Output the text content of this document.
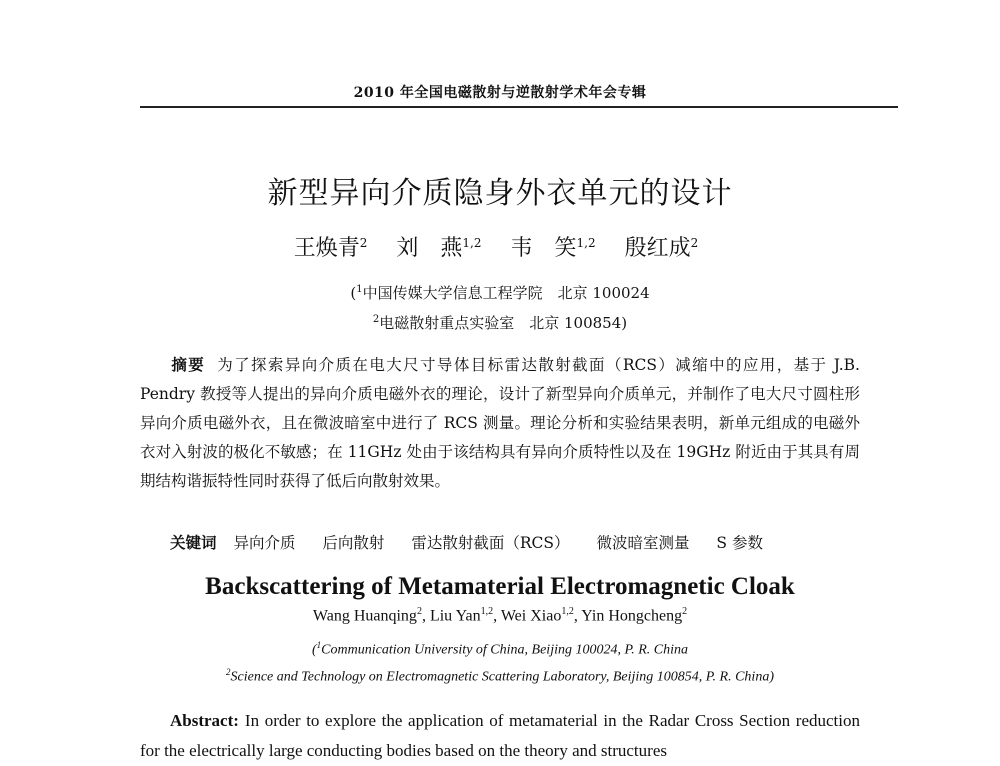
2010 年全国电磁散射与逆散射学术年会专辑
新型异向介质隐身外衣单元的设计
王焕青$^2$ 刘　燕$^{1,2}$ 韦　笑$^{1,2}$ 殷红成$^2$
($^1$中国传媒大学信息工程学院　北京 100024
$^2$电磁散射重点实验室　北京 100854)
摘要 为了探索异向介质在电大尺寸导体目标雷达散射截面（RCS）减缩中的应用，基于 J.B. Pendry 教授等人提出的异向介质电磁外衣的理论，设计了新型异向介质单元，并制作了电大尺寸圆柱形异向介质电磁外衣，且在微波暗室中进行了 RCS 测量。理论分析和实验结果表明，新单元组成的电磁外衣对入射波的极化不敏感；在 11GHz 处由于该结构具有异向介质特性以及在 19GHz 附近由于其具有周期结构谐振特性同时获得了低后向散射效果。
关键词 异向介质 后向散射 雷达散射截面（RCS） 微波暗室测量 S 参数
Backscattering of Metamaterial Electromagnetic Cloak
Wang Huanqing$^2$, Liu Yan$^{1,2}$, Wei Xiao$^{1,2}$, Yin Hongcheng$^2$
($^1$Communication University of China, Beijing 100024, P. R. China
$^2$Science and Technology on Electromagnetic Scattering Laboratory, Beijing 100854, P. R. China)
Abstract: In order to explore the application of metamaterial in the Radar Cross Section reduction for the electrically large conducting bodies based on the theory and structures
